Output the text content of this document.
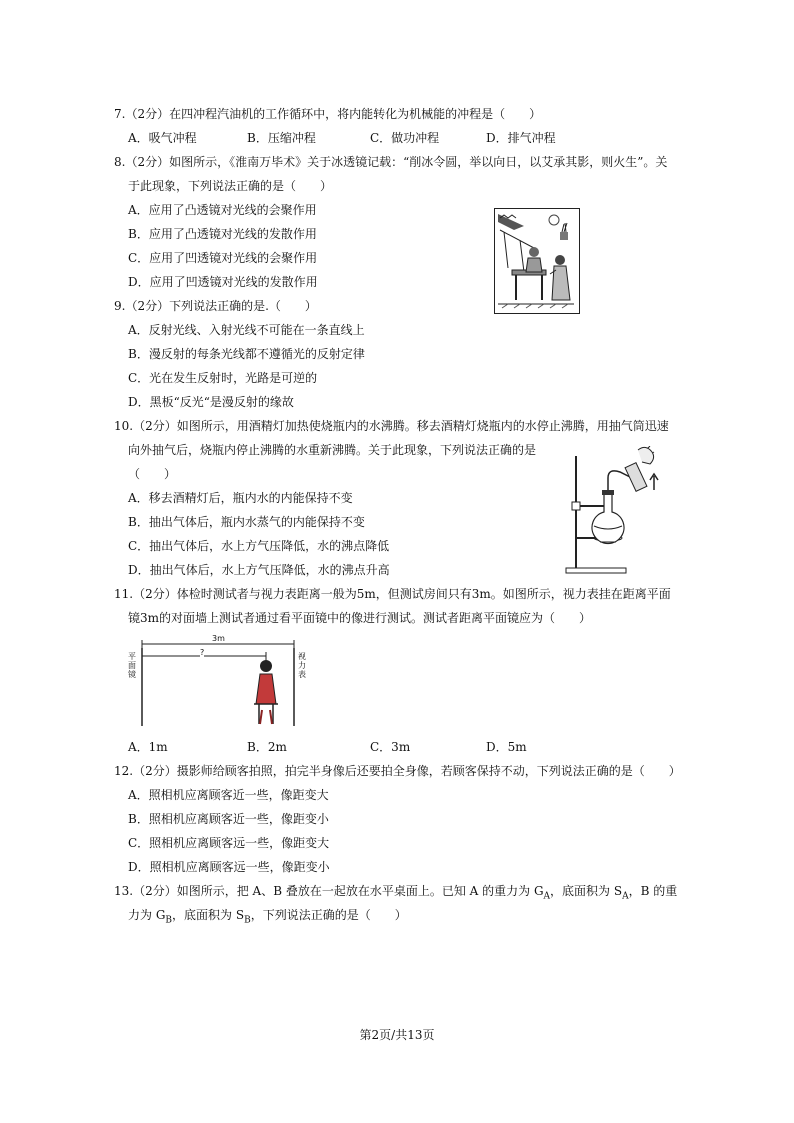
7.（2分）在四冲程汽油机的工作循环中，将内能转化为机械能的冲程是（　　）
A．吸气冲程	B．压缩冲程	C．做功冲程	D．排气冲程
8.（2分）如图所示，《淮南万毕术》关于冰透镜记载：“削冰令圆，举以向日，以艾承其影，则火生”。关
于此现象，下列说法正确的是（　　）
A．应用了凸透镜对光线的会聚作用
B．应用了凸透镜对光线的发散作用
C．应用了凹透镜对光线的会聚作用
D．应用了凹透镜对光线的发散作用
9.（2分）下列说法正确的是.（　　）
A．反射光线、入射光线不可能在一条直线上
B．漫反射的每条光线都不遵循光的反射定律
C．光在发生反射时，光路是可逆的
D．黑板“反光“是漫反射的缘故
10.（2分）如图所示，用酒精灯加热使烧瓶内的水沸腾。移去酒精灯烧瓶内的水停止沸腾，用抽气筒迅速
向外抽气后，烧瓶内停止沸腾的水重新沸腾。关于此现象，下列说法正确的是
（　　）
A．移去酒精灯后，瓶内水的内能保持不变
B．抽出气体后，瓶内水蒸气的内能保持不变
C．抽出气体后，水上方气压降低，水的沸点降低
D．抽出气体后，水上方气压降低，水的沸点升高
11.（2分）体检时测试者与视力表距离一般为5m，但测试房间只有3m。如图所示，视力表挂在距离平面
镜3m的对面墙上测试者通过看平面镜中的像进行测试。测试者距离平面镜应为（　　）
3m
?
平面镜
视力表
A．1m	B．2m	C．3m	D．5m
12.（2分）摄影师给顾客拍照，拍完半身像后还要拍全身像，若顾客保持不动，下列说法正确的是（　　）
A．照相机应离顾客近一些，像距变大
B．照相机应离顾客近一些，像距变小
C．照相机应离顾客远一些，像距变大
D．照相机应离顾客远一些，像距变小
13.（2分）如图所示，把 A、B 叠放在一起放在水平桌面上。已知 A 的重力为 $G_A$，底面积为 $S_A$，B 的重
力为 $G_B$，底面积为 $S_B$，下列说法正确的是（　　）
第2页/共13页
